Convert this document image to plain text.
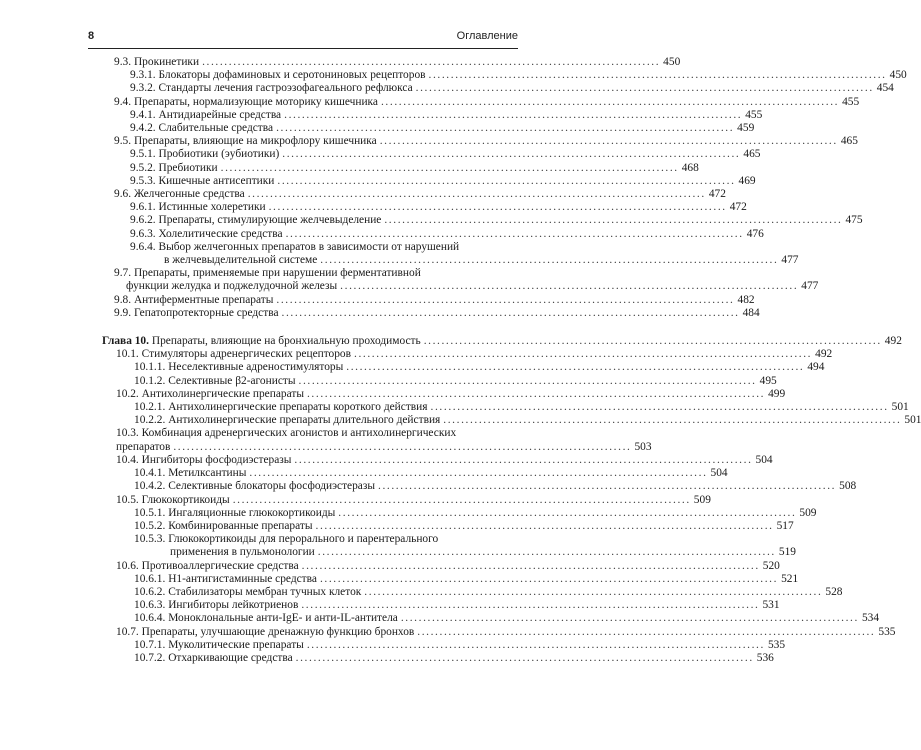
8	Оглавление
9.3. Прокинетики ....................................................................................................... 450
9.3.1. Блокаторы дофаминовых и серотониновых рецепторов ....................................................................................................... 450
9.3.2. Стандарты лечения гастроэзофагеального рефлюкса ....................................................................................................... 454
9.4. Препараты, нормализующие моторику кишечника ....................................................................................................... 455
9.4.1. Антидиарейные средства ....................................................................................................... 455
9.4.2. Слабительные средства ....................................................................................................... 459
9.5. Препараты, влияющие на микрофлору кишечника ....................................................................................................... 465
9.5.1. Пробиотики (эубиотики) ....................................................................................................... 465
9.5.2. Пребиотики ....................................................................................................... 468
9.5.3. Кишечные антисептики ....................................................................................................... 469
9.6. Желчегонные средства ....................................................................................................... 472
9.6.1. Истинные холеретики ....................................................................................................... 472
9.6.2. Препараты, стимулирующие желчевыделение ....................................................................................................... 475
9.6.3. Холелитические средства ....................................................................................................... 476
9.6.4. Выбор желчегонных препаратов в зависимости от нарушений
в желчевыделительной системе ....................................................................................................... 477
9.7. Препараты, применяемые при нарушении ферментативной
функции желудка и поджелудочной железы ....................................................................................................... 477
9.8. Антиферментные препараты ....................................................................................................... 482
9.9. Гепатопротекторные средства ....................................................................................................... 484
Глава 10. Препараты, влияющие на бронхиальную проходимость ....................................................................................................... 492
10.1. Стимуляторы адренергических рецепторов ....................................................................................................... 492
10.1.1. Неселективные адреностимуляторы ....................................................................................................... 494
10.1.2. Селективные β2-агонисты ....................................................................................................... 495
10.2. Антихолинергические препараты ....................................................................................................... 499
10.2.1. Антихолинергические препараты короткого действия ....................................................................................................... 501
10.2.2. Антихолинергические препараты длительного действия ....................................................................................................... 501
10.3. Комбинация адренергических агонистов и антихолинергических
препаратов ....................................................................................................... 503
10.4. Ингибиторы фосфодиэстеразы ....................................................................................................... 504
10.4.1. Метилксантины ....................................................................................................... 504
10.4.2. Селективные блокаторы фосфодиэстеразы ....................................................................................................... 508
10.5. Глюкокортикоиды ....................................................................................................... 509
10.5.1. Ингаляционные глюкокортикоиды ....................................................................................................... 509
10.5.2. Комбинированные препараты ....................................................................................................... 517
10.5.3. Глюкокортикоиды для перорального и парентерального
применения в пульмонологии ....................................................................................................... 519
10.6. Противоаллергические средства ....................................................................................................... 520
10.6.1. H1-антигистаминные средства ....................................................................................................... 521
10.6.2. Стабилизаторы мембран тучных клеток ....................................................................................................... 528
10.6.3. Ингибиторы лейкотриенов ....................................................................................................... 531
10.6.4. Моноклональные анти-IgE- и анти-IL-антитела ....................................................................................................... 534
10.7. Препараты, улучшающие дренажную функцию бронхов ....................................................................................................... 535
10.7.1. Муколитические препараты ....................................................................................................... 535
10.7.2. Отхаркивающие средства ....................................................................................................... 536
